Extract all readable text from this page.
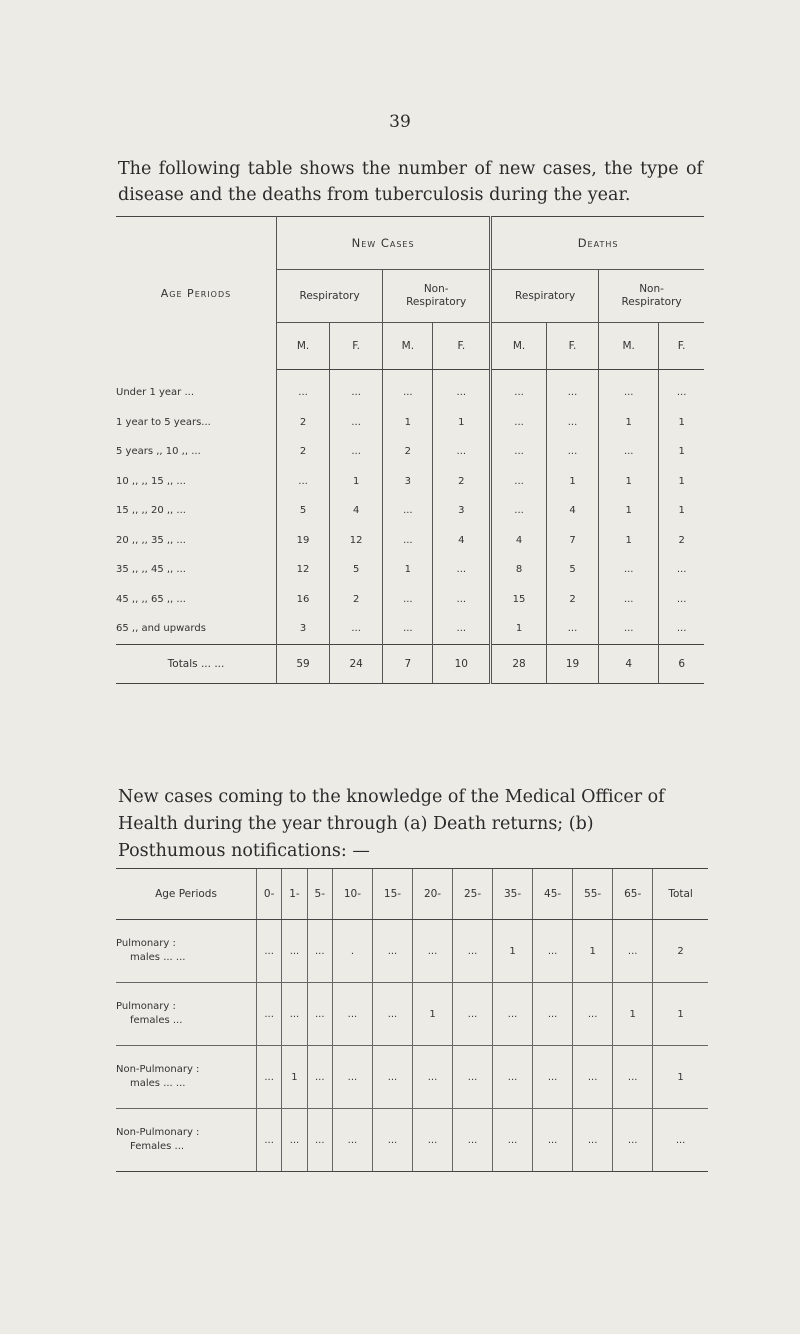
39

The following table shows the number of new cases, the type of disease and the deaths from tuberculosis during the year.

Age Periods	New Cases				Deaths			
	Respiratory		Non-
Respiratory		Respiratory		Non-
Respiratory	
	M.	F.	M.	F.	M.	F.	M.	F.
Under 1 year ...	...	...	...	...	...	...	...	...
1 year to 5 years...	2	...	1	1	...	...	1	1
5 years ,, 10 ,, ...	2	...	2	...	...	...	...	1
10 ,, ,, 15 ,, ...	...	1	3	2	...	1	1	1
15 ,, ,, 20 ,, ...	5	4	...	3	...	4	1	1
20 ,, ,, 35 ,, ...	19	12	...	4	4	7	1	2
35 ,, ,, 45 ,, ...	12	5	1	...	8	5	...	...
45 ,, ,, 65 ,, ...	16	2	...	...	15	2	...	...
65 ,, and upwards	3	...	...	...	1	...	...	...
Totals ... ...	59	24	7	10	28	19	4	6

New cases coming to the knowledge of the Medical Officer of Health during the year through (a) Death returns; (b) Posthumous notifications: —

Age Periods	0-	1-	5-	10-	15-	20-	25-	35-	45-	55-	65-	Total
Pulmonary :
males ... ...	...	...	...	.	...	...	...	1	...	1	...	2
Pulmonary :
females ...	...	...	...	...	...	1	...	...	...	...	1	1
Non-Pulmonary :
males ... ...	...	1	...	...	...	...	...	...	...	...	...	1
Non-Pulmonary :
Females ...	...	...	...	...	...	...	...	...	...	...	...	...
